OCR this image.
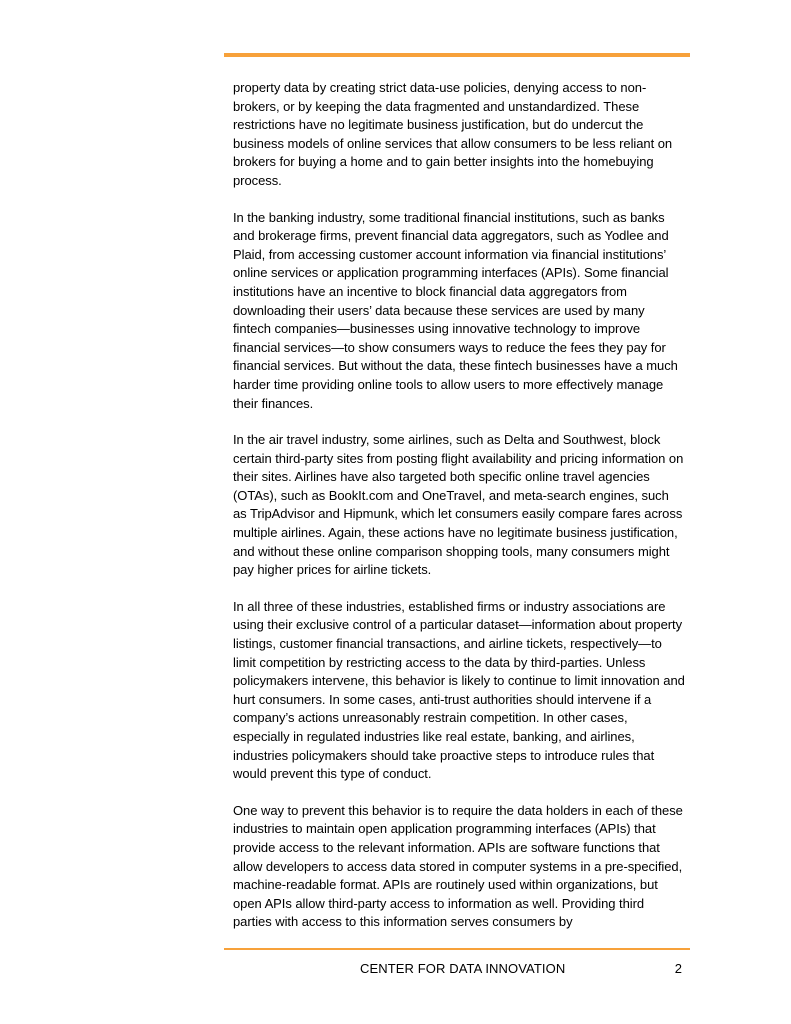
property data by creating strict data-use policies, denying access to non-brokers, or by keeping the data fragmented and unstandardized. These restrictions have no legitimate business justification, but do undercut the business models of online services that allow consumers to be less reliant on brokers for buying a home and to gain better insights into the homebuying process.

In the banking industry, some traditional financial institutions, such as banks and brokerage firms, prevent financial data aggregators, such as Yodlee and Plaid, from accessing customer account information via financial institutions’ online services or application programming interfaces (APIs). Some financial institutions have an incentive to block financial data aggregators from downloading their users’ data because these services are used by many fintech companies—businesses using innovative technology to improve financial services—to show consumers ways to reduce the fees they pay for financial services. But without the data, these fintech businesses have a much harder time providing online tools to allow users to more effectively manage their finances.

In the air travel industry, some airlines, such as Delta and Southwest, block certain third-party sites from posting flight availability and pricing information on their sites. Airlines have also targeted both specific online travel agencies (OTAs), such as BookIt.com and OneTravel, and meta-search engines, such as TripAdvisor and Hipmunk, which let consumers easily compare fares across multiple airlines. Again, these actions have no legitimate business justification, and without these online comparison shopping tools, many consumers might pay higher prices for airline tickets.

In all three of these industries, established firms or industry associations are using their exclusive control of a particular dataset—information about property listings, customer financial transactions, and airline tickets, respectively—to limit competition by restricting access to the data by third-parties. Unless policymakers intervene, this behavior is likely to continue to limit innovation and hurt consumers. In some cases, anti-trust authorities should intervene if a company’s actions unreasonably restrain competition. In other cases, especially in regulated industries like real estate, banking, and airlines, industries policymakers should take proactive steps to introduce rules that would prevent this type of conduct.

One way to prevent this behavior is to require the data holders in each of these industries to maintain open application programming interfaces (APIs) that provide access to the relevant information. APIs are software functions that allow developers to access data stored in computer systems in a pre-specified, machine-readable format. APIs are routinely used within organizations, but open APIs allow third-party access to information as well. Providing third parties with access to this information serves consumers by

CENTER FOR DATA INNOVATION	2
